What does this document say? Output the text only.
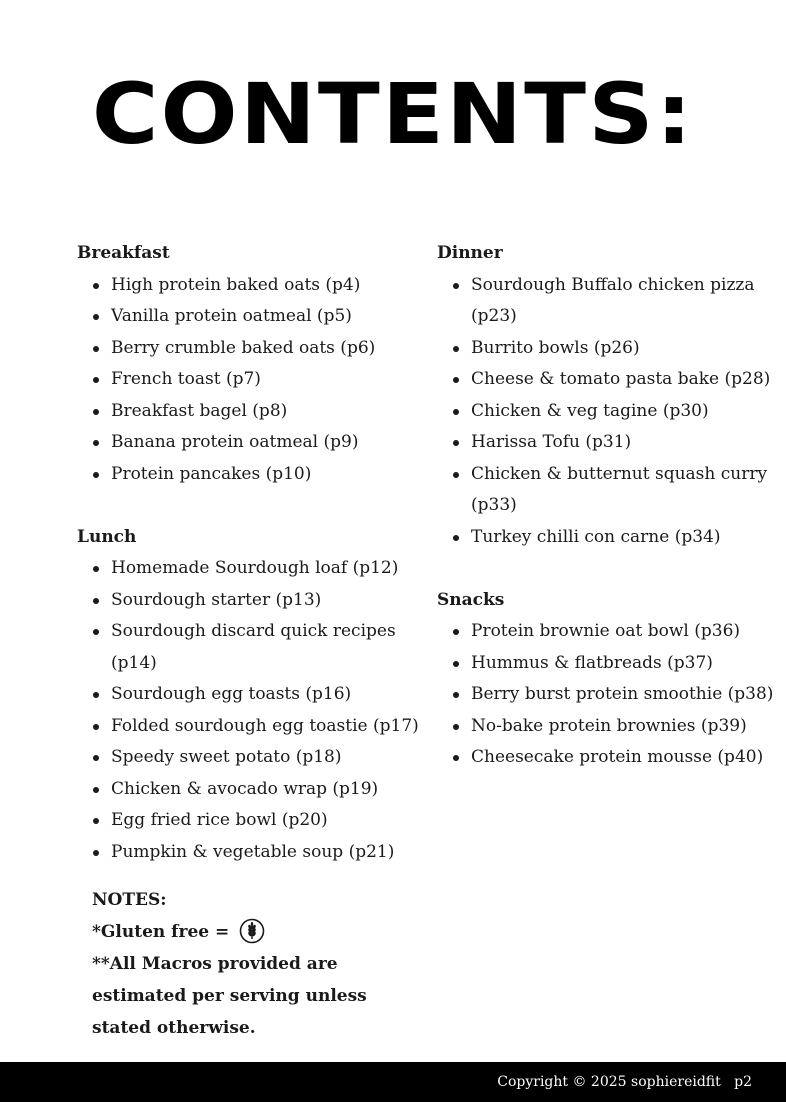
CONTENTS:

Breakfast

High protein baked oats (p4)
Vanilla protein oatmeal (p5)
Berry crumble baked oats (p6)
French toast (p7)
Breakfast bagel (p8)
Banana protein oatmeal (p9)
Protein pancakes (p10)

Lunch

Homemade Sourdough loaf (p12)
Sourdough starter (p13)
Sourdough discard quick recipes (p14)
Sourdough egg toasts (p16)
Folded sourdough egg toastie (p17)
Speedy sweet potato (p18)
Chicken & avocado wrap (p19)
Egg fried rice bowl (p20)
Pumpkin & vegetable soup (p21)

Dinner

Sourdough Buffalo chicken pizza (p23)
Burrito bowls (p26)
Cheese & tomato pasta bake (p28)
Chicken & veg tagine (p30)
Harissa Tofu (p31)
Chicken & butternut squash curry (p33)
Turkey chilli con carne (p34)

Snacks

Protein brownie oat bowl (p36)
Hummus & flatbreads (p37)
Berry burst protein smoothie (p38)
No-bake protein brownies (p39)
Cheesecake protein mousse (p40)

NOTES:

*Gluten free =

**All Macros provided are estimated per serving unless stated otherwise.

Copyright © 2025 sophiereidfit p2
